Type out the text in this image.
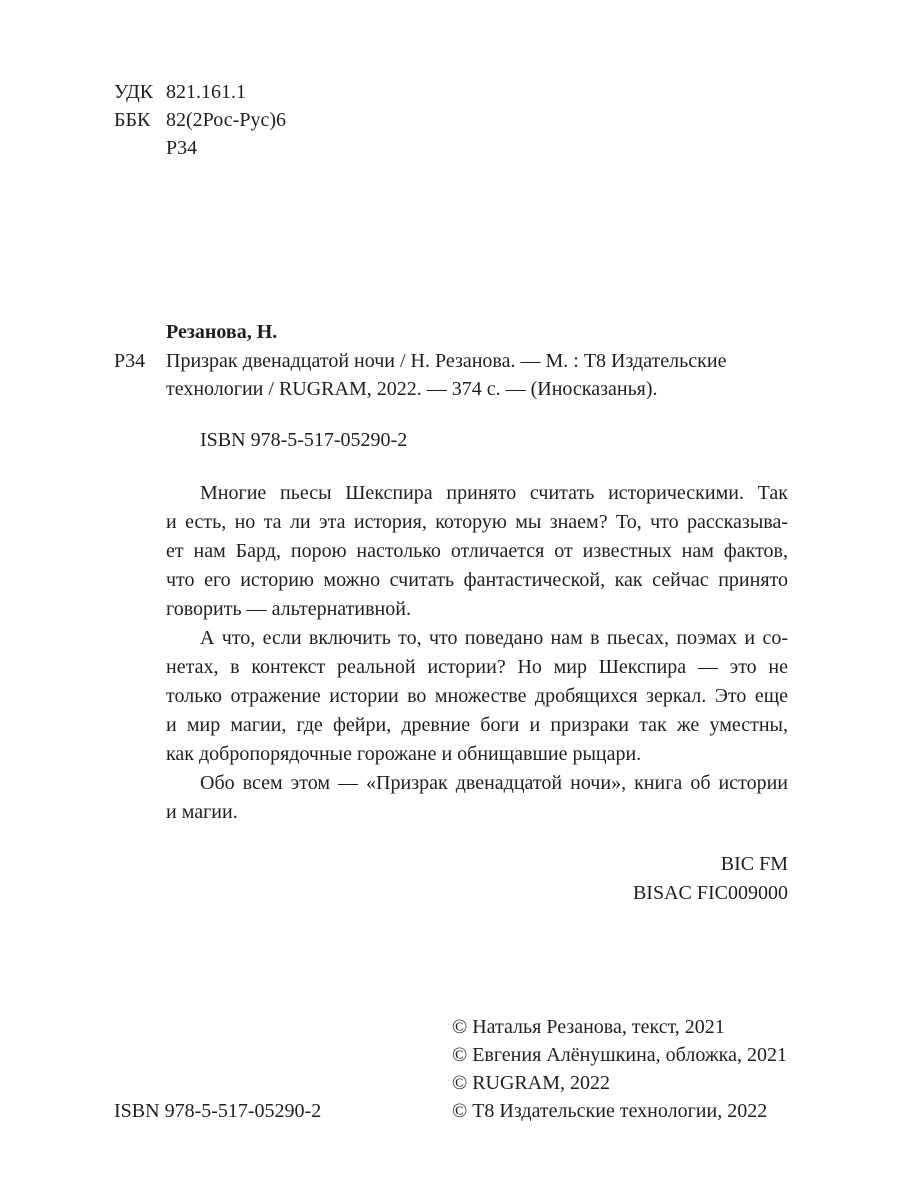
УДК 821.161.1
ББК 82(2Рос-Рус)6
Р34
Резанова, Н.
Р34 Призрак двенадцатой ночи / Н. Резанова. — М. : Т8 Издательские
технологии / RUGRAM, 2022. — 374 с. — (Иносказанья).
ISBN 978-5-517-05290-2
Многие пьесы Шекспира принято считать историческими. Так
и есть, но та ли эта история, которую мы знаем? То, что рассказыва-
ет нам Бард, порою настолько отличается от известных нам фактов,
что его историю можно считать фантастической, как сейчас принято
говорить — альтернативной.
А что, если включить то, что поведано нам в пьесах, поэмах и со-
нетах, в контекст реальной истории? Но мир Шекспира — это не
только отражение истории во множестве дробящихся зеркал. Это еще
и мир магии, где фейри, древние боги и призраки так же уместны,
как добропорядочные горожане и обнищавшие рыцари.
Обо всем этом — «Призрак двенадцатой ночи», книга об истории
и магии.
BIC FM
BISAC FIC009000
© Наталья Резанова, текст, 2021
© Евгения Алёнушкина, обложка, 2021
© RUGRAM, 2022
© Т8 Издательские технологии, 2022
ISBN 978-5-517-05290-2
